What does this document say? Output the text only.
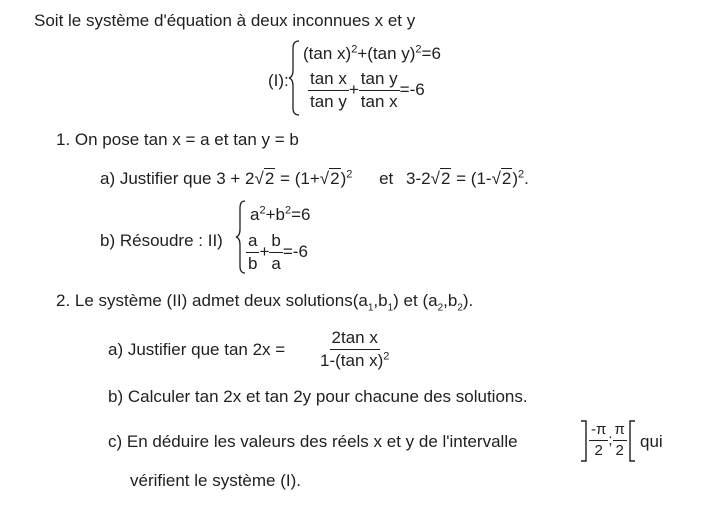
Soit le système d'équation à deux inconnues x et y
(I):
(tan x)$^2$+(tan y)$^2$=6
$\frac{\text{tan x}}{\text{tan y}} + \frac{\text{tan y}}{\text{tan x}} =-6$
1. On pose tan x = a et tan y = b
a) Justifier que $3 + 2√2 = (1+√2)^2$ et $3-2√2 = (1-√2)^2$.
b) Résoudre : II)
$a^2+b^2=6$
$\frac{a}{b} + \frac{b}{a} =-6$
2. Le système (II) admet deux $solutions(a_1,b_1)$ et $(a_2,b_2)$.
a) Justifier que $\tan 2x = \frac{\text{2tan x}}{1-(\tan x)^2}$
b) Calculer tan 2x et tan 2y pour chacune des solutions.
c) En déduire les valeurs des réels x et y de l'intervalle	$\frac{-\pi}{2}$ ; $\frac{\pi}{2}$ qui
vérifient le système (I).
